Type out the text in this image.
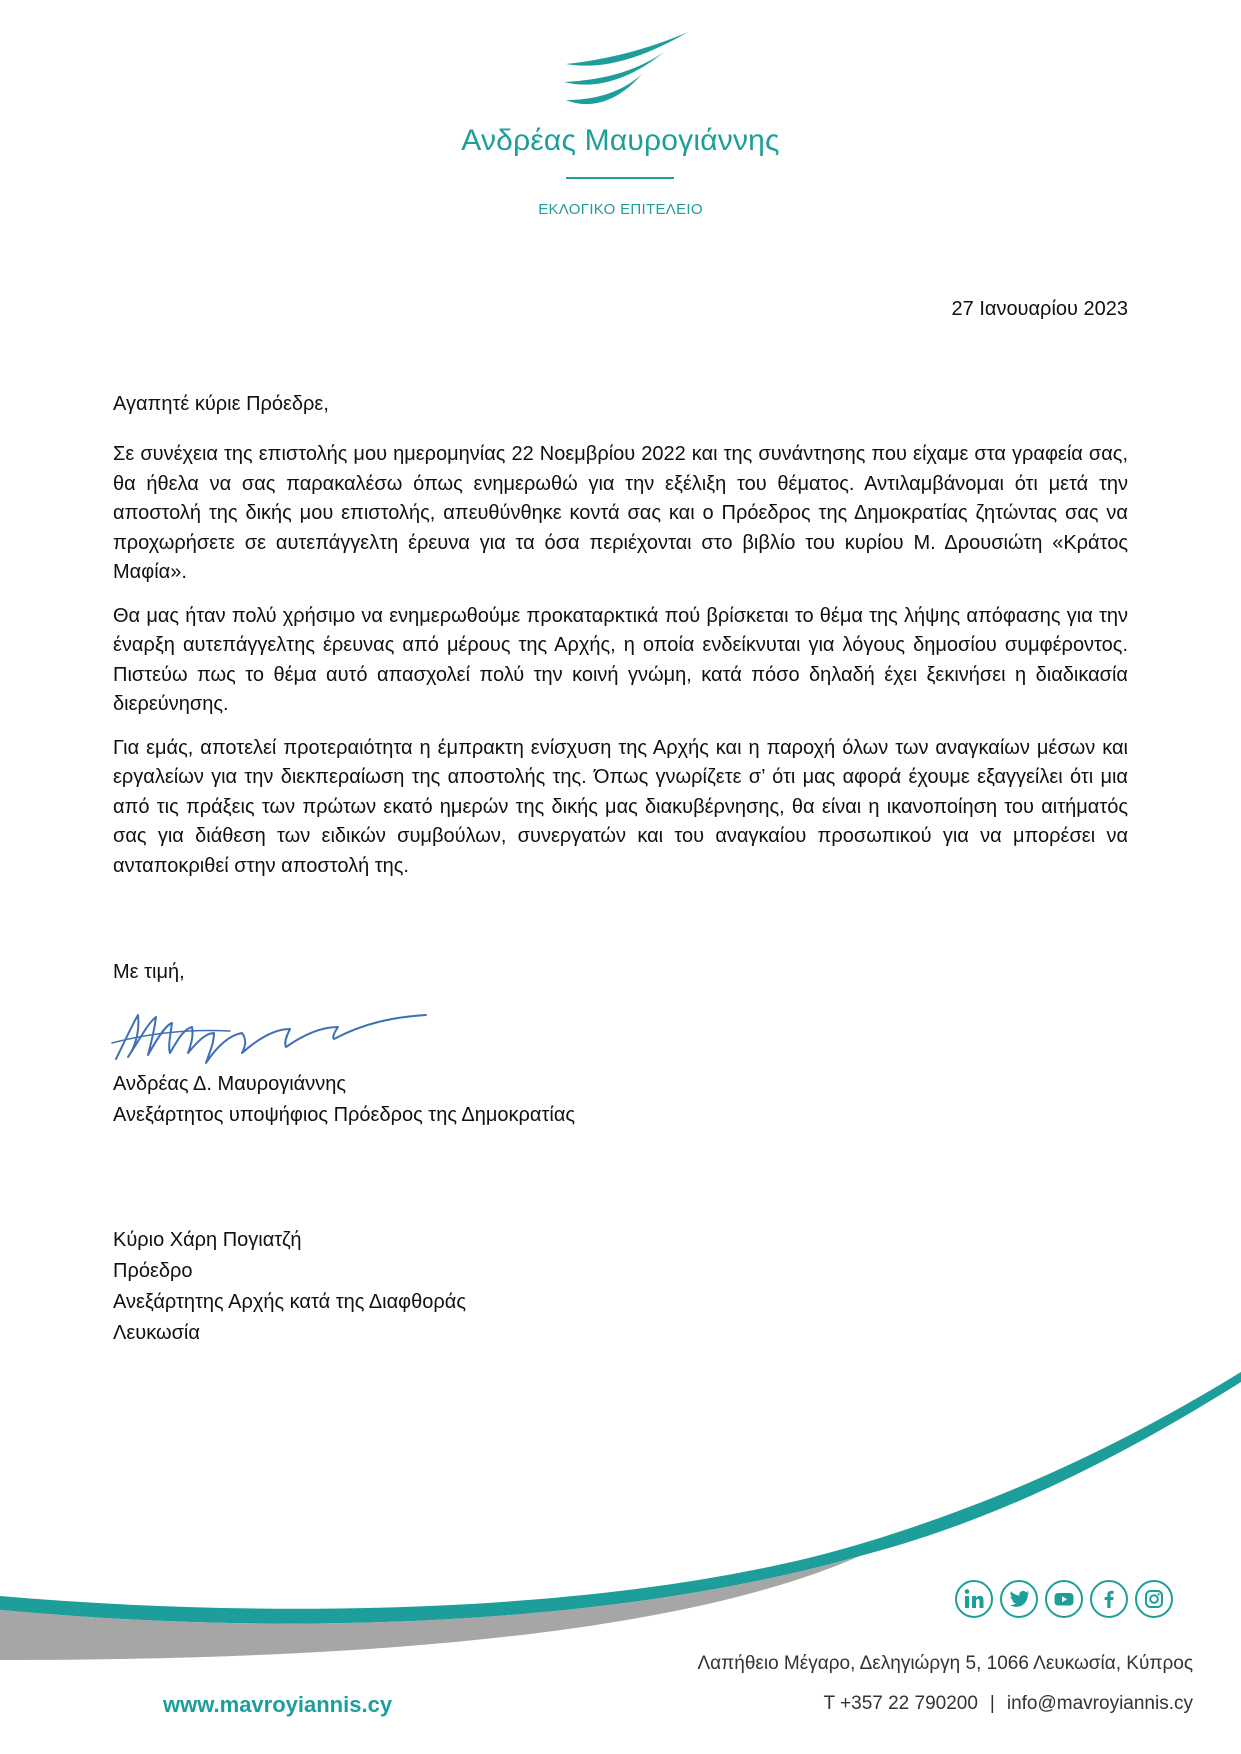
Ανδρέας Μαυρογιάννης
ΕΚΛΟΓΙΚΟ ΕΠΙΤΕΛΕΙΟ
27 Ιανουαρίου 2023
Αγαπητέ κύριε Πρόεδρε,

Σε συνέχεια της επιστολής μου ημερομηνίας 22 Νοεμβρίου 2022 και της συνάντησης που είχαμε στα γραφεία σας, θα ήθελα να σας παρακαλέσω όπως ενημερωθώ για την εξέλιξη του θέματος. Αντιλαμβάνομαι ότι μετά την αποστολή της δικής μου επιστολής, απευθύνθηκε κοντά σας και ο Πρόεδρος της Δημοκρατίας ζητώντας σας να προχωρήσετε σε αυτεπάγγελτη έρευνα για τα όσα περιέχονται στο βιβλίο του κυρίου Μ. Δρουσιώτη «Κράτος Μαφία».

Θα μας ήταν πολύ χρήσιμο να ενημερωθούμε προκαταρκτικά πού βρίσκεται το θέμα της λήψης απόφασης για την έναρξη αυτεπάγγελτης έρευνας από μέρους της Αρχής, η οποία ενδείκνυται για λόγους δημοσίου συμφέροντος. Πιστεύω πως το θέμα αυτό απασχολεί πολύ την κοινή γνώμη, κατά πόσο δηλαδή έχει ξεκινήσει η διαδικασία διερεύνησης.

Για εμάς, αποτελεί προτεραιότητα η έμπρακτη ενίσχυση της Αρχής και η παροχή όλων των αναγκαίων μέσων και εργαλείων για την διεκπεραίωση της αποστολής της. Όπως γνωρίζετε σ’ ότι μας αφορά έχουμε εξαγγείλει ότι μια από τις πράξεις των πρώτων εκατό ημερών της δικής μας διακυβέρνησης, θα είναι η ικανοποίηση του αιτήματός σας για διάθεση των ειδικών συμβούλων, συνεργατών και του αναγκαίου προσωπικού για να μπορέσει να ανταποκριθεί στην αποστολή της.

Με τιμή,
Ανδρέας Δ. Μαυρογιάννης
Ανεξάρτητος υποψήφιος Πρόεδρος της Δημοκρατίας
Κύριο Χάρη Πογιατζή
Πρόεδρο
Ανεξάρτητης Αρχής κατά της Διαφθοράς
Λευκωσία
Λαπήθειο Μέγαρο, Δεληγιώργη 5, 1066 Λευκωσία, Κύπρος
www.mavroyiannis.cy	T +357 22 790200 | info@mavroyiannis.cy
